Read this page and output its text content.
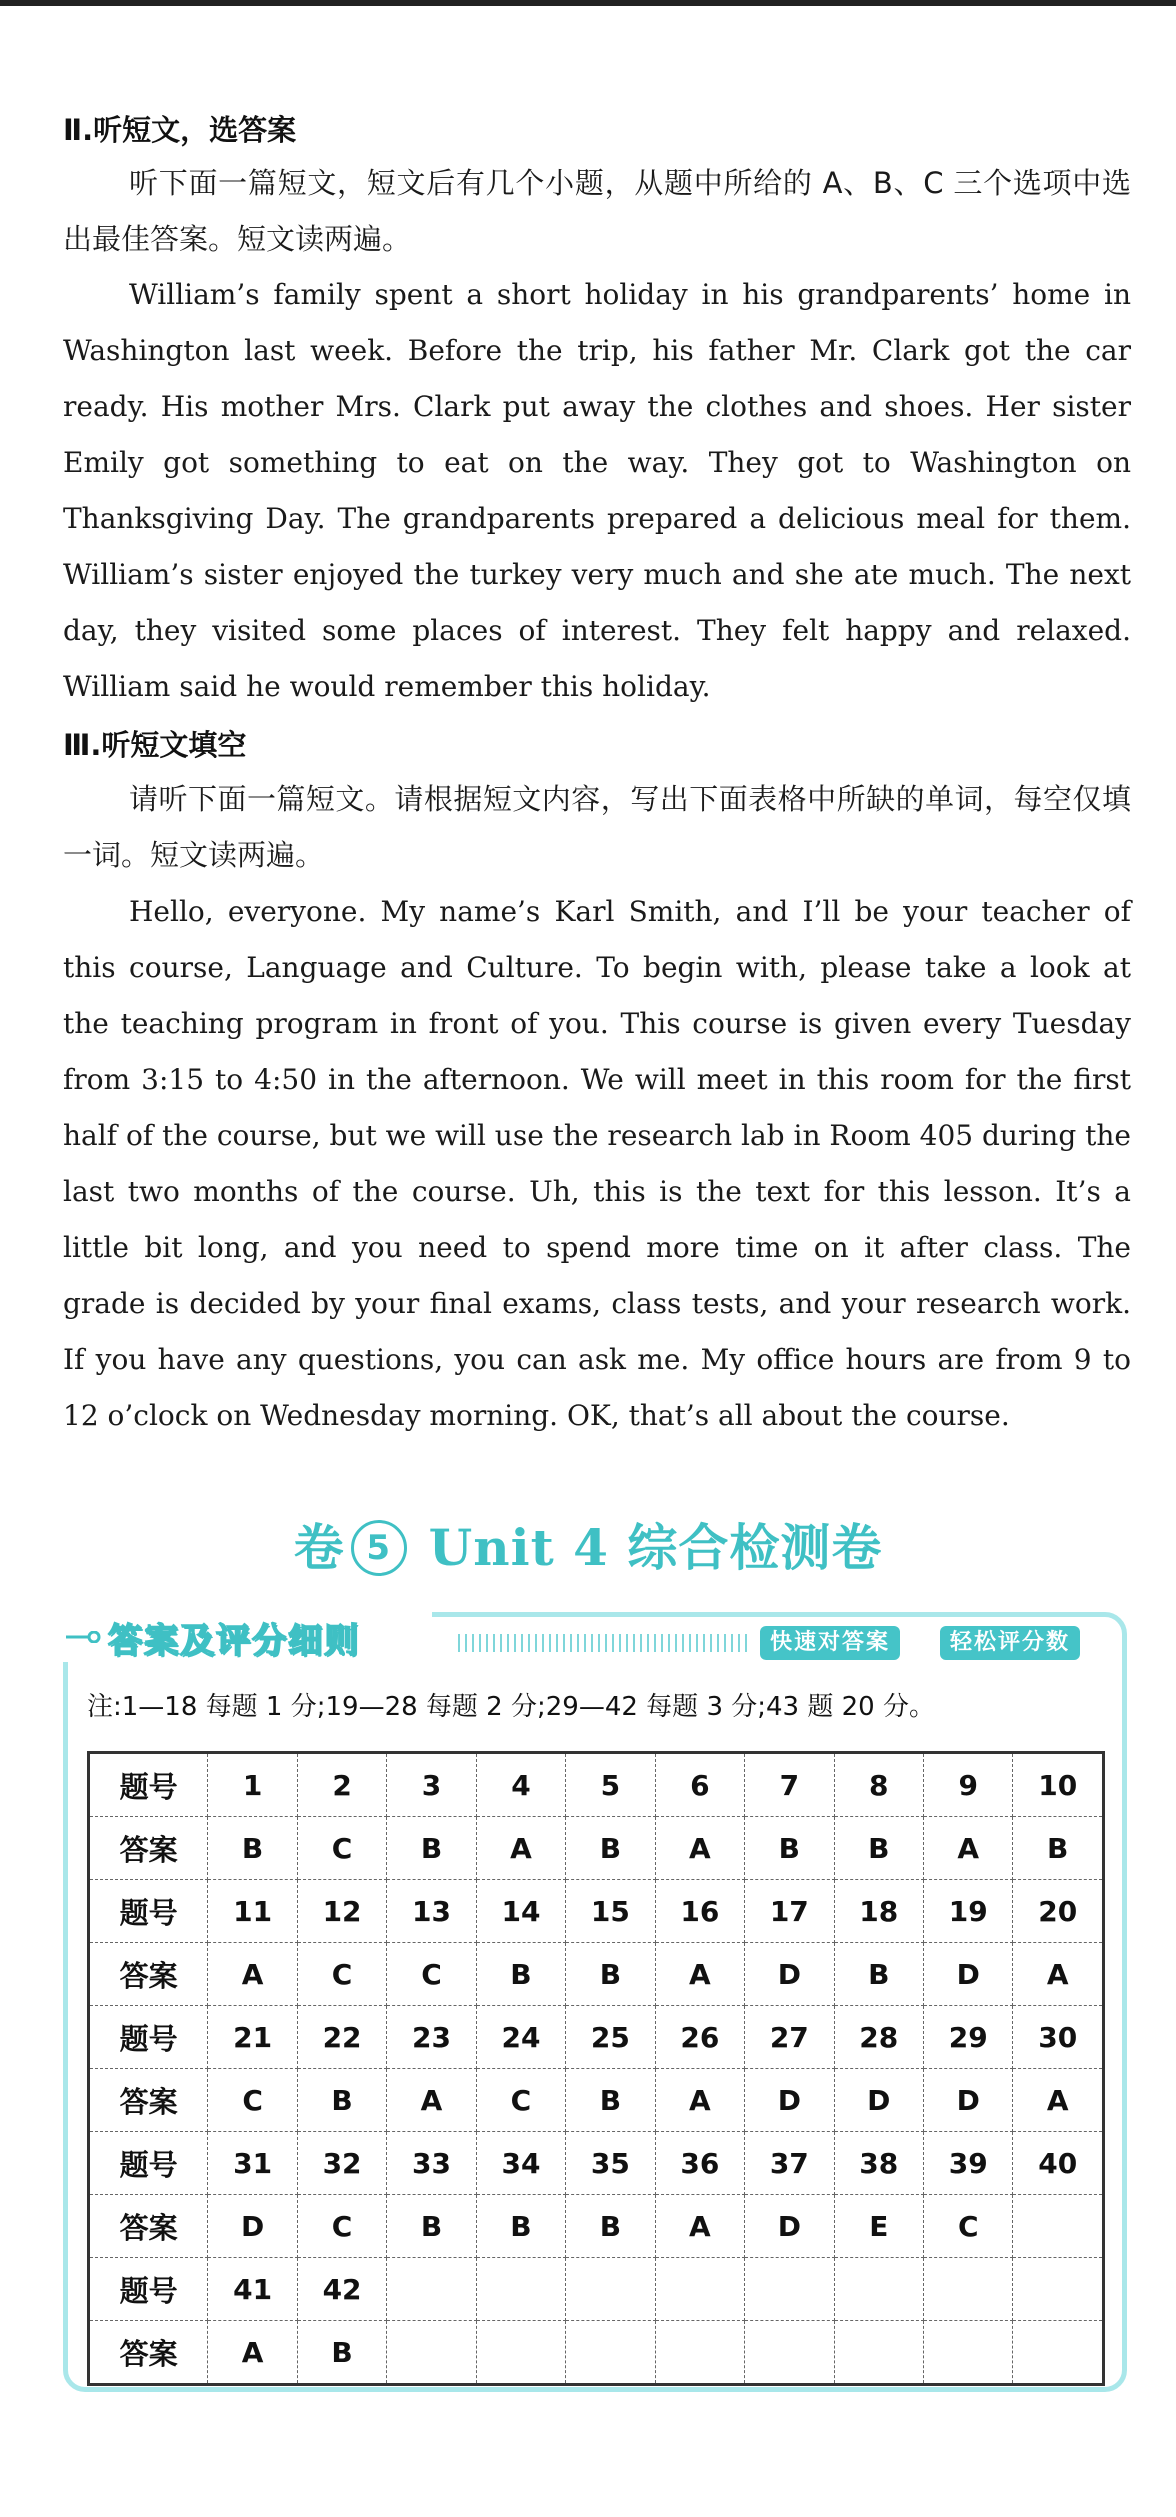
Ⅱ.听短文，选答案

听下面一篇短文，短文后有几个小题，从题中所给的 A、B、C 三个选项中选出最佳答案。短文读两遍。

William’s family spent a short holiday in his grandparents’ home in Washington last week. Before the trip, his father Mr. Clark got the car ready. His mother Mrs. Clark put away the clothes and shoes. Her sister Emily got something to eat on the way. They got to Washington on Thanksgiving Day. The grandparents prepared a delicious meal for them. William’s sister enjoyed the turkey very much and she ate much. The next day, they visited some places of interest. They felt happy and relaxed. William said he would remember this holiday.

Ⅲ.听短文填空

请听下面一篇短文。请根据短文内容，写出下面表格中所缺的单词，每空仅填一词。短文读两遍。

Hello, everyone. My name’s Karl Smith, and I’ll be your teacher of this course, Language and Culture. To begin with, please take a look at the teaching program in front of you. This course is given every Tuesday from 3:15 to 4:50 in the afternoon. We will meet in this room for the first half of the course, but we will use the research lab in Room 405 during the last two months of the course. Uh, this is the text for this lesson. It’s a little bit long, and you need to spend more time on it after class. The grade is decided by your final exams, class tests, and your research work. If you have any questions, you can ask me. My office hours are from 9 to 12 o’clock on Wednesday morning. OK, that’s all about the course.

卷 5 Unit 4 综合检测卷
答案及评分细则	快速对答案	轻松评分数
注:1—18 每题 1 分;19—28 每题 2 分;29—42 每题 3 分;43 题 20 分。
题号	1	2	3	4	5	6	7	8	9	10
答案	B	C	B	A	B	A	B	B	A	B
题号	11	12	13	14	15	16	17	18	19	20
答案	A	C	C	B	B	A	D	B	D	A
题号	21	22	23	24	25	26	27	28	29	30
答案	C	B	A	C	B	A	D	D	D	A
题号	31	32	33	34	35	36	37	38	39	40
答案	D	C	B	B	B	A	D	E	C	
题号	41	42								
答案	A	B								
